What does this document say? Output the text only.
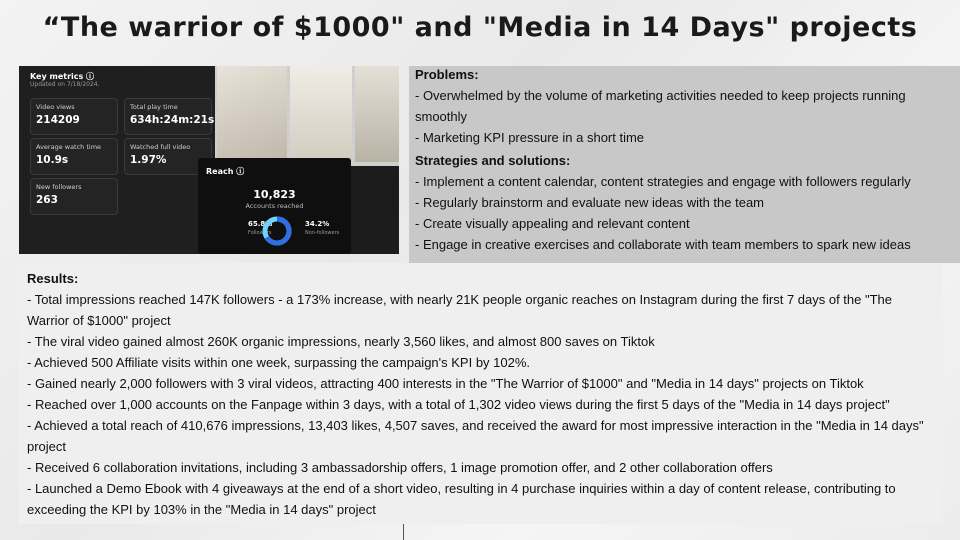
“The warrior of $1000" and "Media in 14 Days" projects
Key metrics ⓘ
Updated on 7/18/2024.
Video views
214209
Total play time
634h:24m:21s
Average watch time
10.9s
Watched full video
1.97%
New followers
263
Reach ⓘ
10,823
Accounts reached
65.8%
Followers
34.2%
Non-followers
Problems:
- Overwhelmed by the volume of marketing activities needed to keep projects running smoothly
- Marketing KPI pressure in a short time
Strategies and solutions:
- Implement a content calendar, content strategies and engage with followers regularly
- Regularly brainstorm and evaluate new ideas with the team
- Create visually appealing and relevant content
- Engage in creative exercises and collaborate with team members to spark new ideas
Results:
- Total impressions reached 147K followers - a 173% increase, with nearly 21K people organic reaches on Instagram during the first 7 days of the "The Warrior of $1000" project
- The viral video gained almost 260K organic impressions, nearly 3,560 likes, and almost 800 saves on Tiktok
- Achieved 500 Affiliate visits within one week, surpassing the campaign's KPI by 102%.
- Gained nearly 2,000 followers with 3 viral videos, attracting 400 interests in the "The Warrior of $1000" and "Media in 14 days" projects on Tiktok
- Reached over 1,000 accounts on the Fanpage within 3 days, with a total of 1,302 video views during the first 5 days of the "Media in 14 days project"
- Achieved a total reach of 410,676 impressions, 13,403 likes, 4,507 saves, and received the award for most impressive interaction in the "Media in 14 days" project
- Received 6 collaboration invitations, including 3 ambassadorship offers, 1 image promotion offer, and 2 other collaboration offers
- Launched a Demo Ebook with 4 giveaways at the end of a short video, resulting in 4 purchase inquiries within a day of content release, contributing to exceeding the KPI by 103% in the "Media in 14 days" project
